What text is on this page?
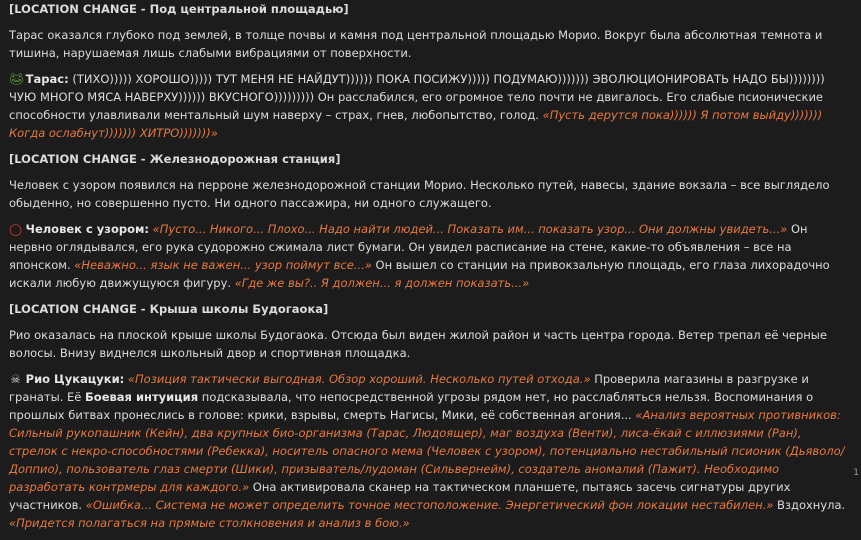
[LOCATION CHANGE - Под центральной площадью]
Тарас оказался глубоко под землей, в толще почвы и камня под центральной площадью Морио. Вокруг была абсолютная темнота и тишина, нарушаемая лишь слабыми вибрациями от поверхности.
🐸︎ Тарас: (ТИХО))))) ХОРОШО))))) ТУТ МЕНЯ НЕ НАЙДУТ)))))) ПОКА ПОСИЖУ))))) ПОДУМАЮ))))))) ЭВОЛЮЦИОНИРОВАТЬ НАДО БЫ)))))))) ЧУЮ МНОГО МЯСА НАВЕРХУ)))))) ВКУСНОГО))))))))) Он расслабился, его огромное тело почти не двигалось. Его слабые псионические способности улавливали ментальный шум наверху – страх, гнев, любопытство, голод. «Пусть дерутся пока)))))) Я потом выйду))))))) Когда ослабнут))))))) ХИТРО)))))))»
[LOCATION CHANGE - Железнодорожная станция]
Человек с узором появился на перроне железнодорожной станции Морио. Несколько путей, навесы, здание вокзала – все выглядело обыденно, но совершенно пусто. Ни одного пассажира, ни одного служащего.
◯ Человек с узором: «Пусто... Никого... Плохо... Надо найти людей... Показать им... показать узор... Они должны увидеть...» Он нервно оглядывался, его рука судорожно сжимала лист бумаги. Он увидел расписание на стене, какие-то объявления – все на японском. «Неважно... язык не важен... узор поймут все...» Он вышел со станции на привокзальную площадь, его глаза лихорадочно искали любую движущуюся фигуру. «Где же вы?.. Я должен... я должен показать...»
[LOCATION CHANGE - Крыша школы Будогаока]
Рио оказалась на плоской крыше школы Будогаока. Отсюда был виден жилой район и часть центра города. Ветер трепал её черные волосы. Внизу виднелся школьный двор и спортивная площадка.
☠ Рио Цукацуки: «Позиция тактически выгодная. Обзор хороший. Несколько путей отхода.» Проверила магазины в разгрузке и гранаты. Её Боевая интуиция подсказывала, что непосредственной угрозы рядом нет, но расслабляться нельзя. Воспоминания о прошлых битвах пронеслись в голове: крики, взрывы, смерть Нагисы, Мики, её собственная агония... «Анализ вероятных противников: Сильный рукопашник (Кейн), два крупных био-организма (Тарас, Людоящер), маг воздуха (Венти), лиса-ёкай с иллюзиями (Ран), стрелок с некро-способностями (Ребекка), носитель опасного мема (Человек с узором), потенциально нестабильный псионик (Дьяволо/Доппио), пользователь глаз смерти (Шики), призыватель/лудоман (Сильвернейм), создатель аномалий (Пажит). Необходимо разработать контрмеры для каждого.» Она активировала сканер на тактическом планшете, пытаясь засечь сигнатуры других участников. «Ошибка... Система не может определить точное местоположение. Энергетический фон локации нестабилен.» Вздохнула. «Придется полагаться на прямые столкновения и анализ в бою.»
1
